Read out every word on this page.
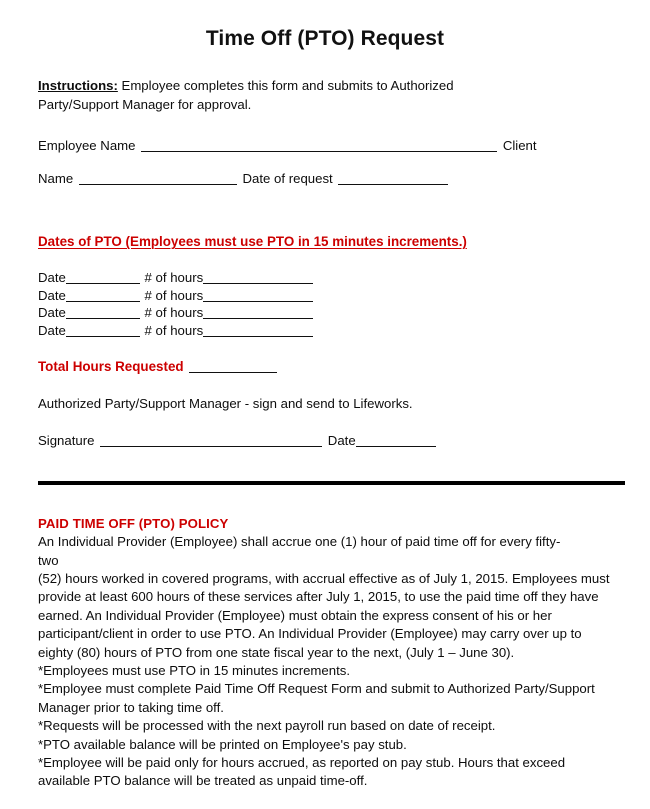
Time Off (PTO) Request
Instructions: Employee completes this form and submits to Authorized Party/Support Manager for approval.
Employee Name	Client
Name	Date of request
Dates of PTO (Employees must use PTO in 15 minutes increments.)
Date	# of hours
Date	# of hours
Date	# of hours
Date	# of hours
Total Hours Requested
Authorized Party/Support Manager - sign and send to Lifeworks.
Signature	Date
PAID TIME OFF (PTO) POLICY
An Individual Provider (Employee) shall accrue one (1) hour of paid time off for every fifty-
two
(52) hours worked in covered programs, with accrual effective as of July 1, 2015. Employees must provide at least 600 hours of these services after July 1, 2015, to use the paid time off they have earned. An Individual Provider (Employee) must obtain the express consent of his or her participant/client in order to use PTO. An Individual Provider (Employee) may carry over up to eighty (80) hours of PTO from one state fiscal year to the next, (July 1 – June 30).
*Employees must use PTO in 15 minutes increments.
*Employee must complete Paid Time Off Request Form and submit to Authorized Party/Support Manager prior to taking time off.
*Requests will be processed with the next payroll run based on date of receipt.
*PTO available balance will be printed on Employee's pay stub.
*Employee will be paid only for hours accrued, as reported on pay stub. Hours that exceed available PTO balance will be treated as unpaid time-off.
